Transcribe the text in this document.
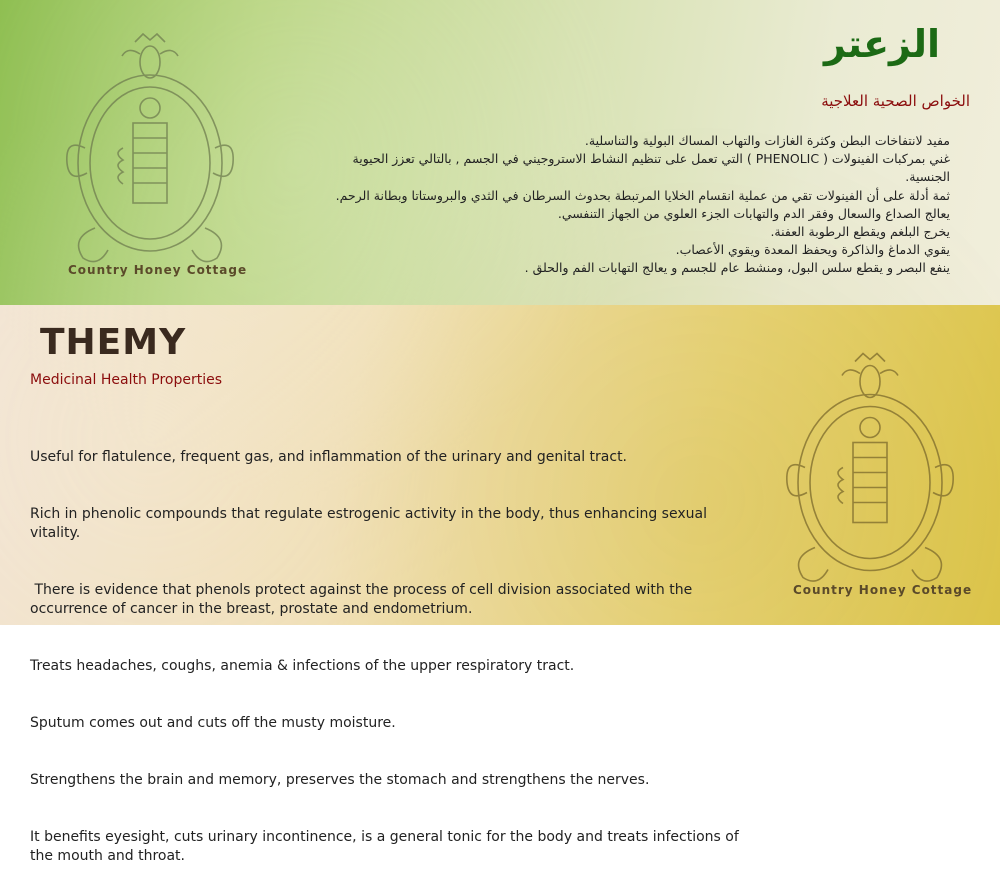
Country Honey Cottage
Country Honey Cottage
الزعتر
الخواص الصحية العلاجية
مفيد لانتفاخات البطن وكثرة الغازات والتهاب المساك البولية والتناسلية.
غني بمركبات الفينولات ( PHENOLIC ) التي تعمل على تنظيم النشاط الاستروجيني في الجسم , بالتالي تعزز الحيوية الجنسية.
ثمة أدلة على أن الفينولات تقي من عملية انقسام الخلايا المرتبطة بحدوث السرطان في الثدي والبروستاتا وبطانة الرحم.
يعالج الصداع والسعال وفقر الدم والتهابات الجزء العلوي من الجهاز التنفسي.
يخرج البلغم ويقطع الرطوبة العفنة.
يقوي الدماغ والذاكرة ويحفظ المعدة ويقوي الأعصاب.
ينفع البصر و يقطع سلس البول، ومنشط عام للجسم و يعالج التهابات الفم والحلق .
THEMY
Medicinal Health Properties

Useful for flatulence, frequent gas, and inflammation of the urinary and genital tract.

Rich in phenolic compounds that regulate estrogenic activity in the body, thus enhancing sexual vitality.

There is evidence that phenols protect against the process of cell division associated with the occurrence of cancer in the breast, prostate and endometrium.

Treats headaches, coughs, anemia & infections of the upper respiratory tract.

Sputum comes out and cuts off the musty moisture.

Strengthens the brain and memory, preserves the stomach and strengthens the nerves.

It benefits eyesight, cuts urinary incontinence, is a general tonic for the body and treats infections of the mouth and throat.
